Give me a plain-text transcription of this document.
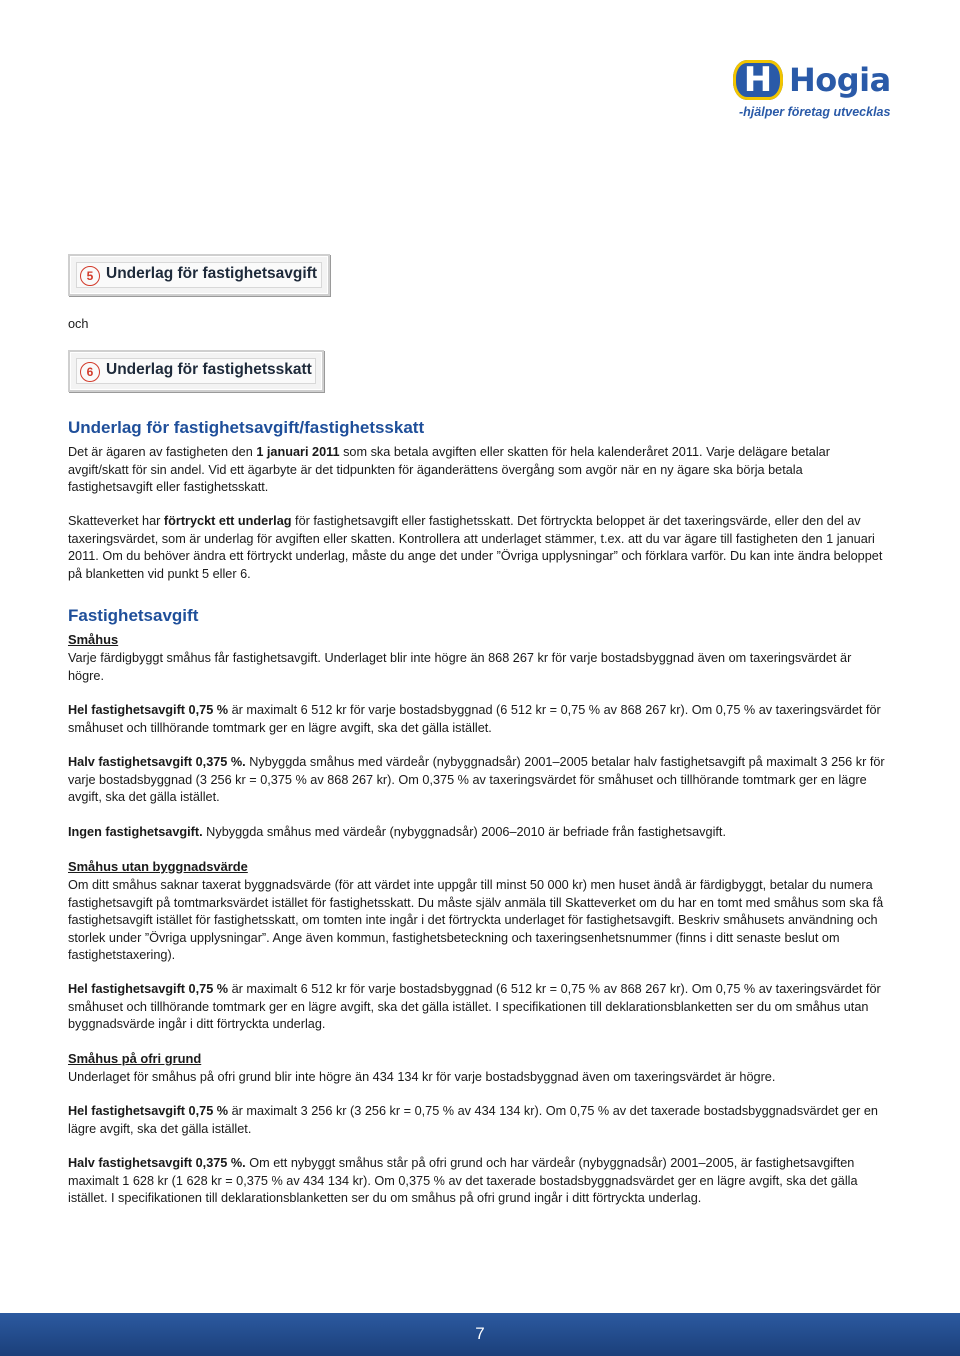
H Hogia
-hjälper företag utvecklas
5 Underlag för fastighetsavgift

och

6 Underlag för fastighetsskatt
Underlag för fastighetsavgift/fastighetsskatt

Det är ägaren av fastigheten den 1 januari 2011 som ska betala avgiften eller skatten för hela kalenderåret 2011. Varje delägare betalar avgift/skatt för sin andel. Vid ett ägarbyte är det tidpunkten för äganderättens övergång som avgör när en ny ägare ska börja betala fastighetsavgift eller fastighetsskatt.

Skatteverket har förtryckt ett underlag för fastighetsavgift eller fastighetsskatt. Det förtryckta beloppet är det taxeringsvärde, eller den del av taxeringsvärdet, som är underlag för avgiften eller skatten. Kontrollera att underlaget stämmer, t.ex. att du var ägare till fastigheten den 1 januari 2011. Om du behöver ändra ett förtryckt underlag, måste du ange det under ”Övriga upplysningar” och förklara varför. Du kan inte ändra beloppet på blanketten vid punkt 5 eller 6.

Fastighetsavgift

Småhus

Varje färdigbyggt småhus får fastighetsavgift. Underlaget blir inte högre än 868 267 kr för varje bostadsbyggnad även om taxeringsvärdet är högre.

Hel fastighetsavgift 0,75 % är maximalt 6 512 kr för varje bostadsbyggnad (6 512 kr = 0,75 % av 868 267 kr). Om 0,75 % av taxeringsvärdet för småhuset och tillhörande tomtmark ger en lägre avgift, ska det gälla istället.

Halv fastighetsavgift 0,375 %. Nybyggda småhus med värdeår (nybyggnadsår) 2001–2005 betalar halv fastighetsavgift på maximalt 3 256 kr för varje bostadsbyggnad (3 256 kr = 0,375 % av 868 267 kr). Om 0,375 % av taxeringsvärdet för småhuset och tillhörande tomtmark ger en lägre avgift, ska det gälla istället.

Ingen fastighetsavgift. Nybyggda småhus med värdeår (nybyggnadsår) 2006–2010 är befriade från fastighetsavgift.

Småhus utan byggnadsvärde

Om ditt småhus saknar taxerat byggnadsvärde (för att värdet inte uppgår till minst 50 000 kr) men huset ändå är färdigbyggt, betalar du numera fastighetsavgift på tomtmarksvärdet istället för fastighetsskatt. Du måste själv anmäla till Skatteverket om du har en tomt med småhus som ska få fastighetsavgift istället för fastighetsskatt, om tomten inte ingår i det förtryckta underlaget för fastighetsavgift. Beskriv småhusets användning och storlek under ”Övriga upplysningar”. Ange även kommun, fastighetsbeteckning och taxeringsenhetsnummer (finns i ditt senaste beslut om fastighetstaxering).

Hel fastighetsavgift 0,75 % är maximalt 6 512 kr för varje bostadsbyggnad (6 512 kr = 0,75 % av 868 267 kr). Om 0,75 % av taxeringsvärdet för småhuset och tillhörande tomtmark ger en lägre avgift, ska det gälla istället. I specifikationen till deklarationsblanketten ser du om småhus utan byggnadsvärde ingår i ditt förtryckta underlag.

Småhus på ofri grund

Underlaget för småhus på ofri grund blir inte högre än 434 134 kr för varje bostadsbyggnad även om taxeringsvärdet är högre.

Hel fastighetsavgift 0,75 % är maximalt 3 256 kr (3 256 kr = 0,75 % av 434 134 kr). Om 0,75 % av det taxerade bostadsbyggnadsvärdet ger en lägre avgift, ska det gälla istället.

Halv fastighetsavgift 0,375 %. Om ett nybyggt småhus står på ofri grund och har värdeår (nybyggnadsår) 2001–2005, är fastighetsavgiften maximalt 1 628 kr (1 628 kr = 0,375 % av 434 134 kr). Om 0,375 % av det taxerade bostadsbyggnadsvärdet ger en lägre avgift, ska det gälla istället. I specifikationen till deklarationsblanketten ser du om småhus på ofri grund ingår i ditt förtryckta underlag.

7
